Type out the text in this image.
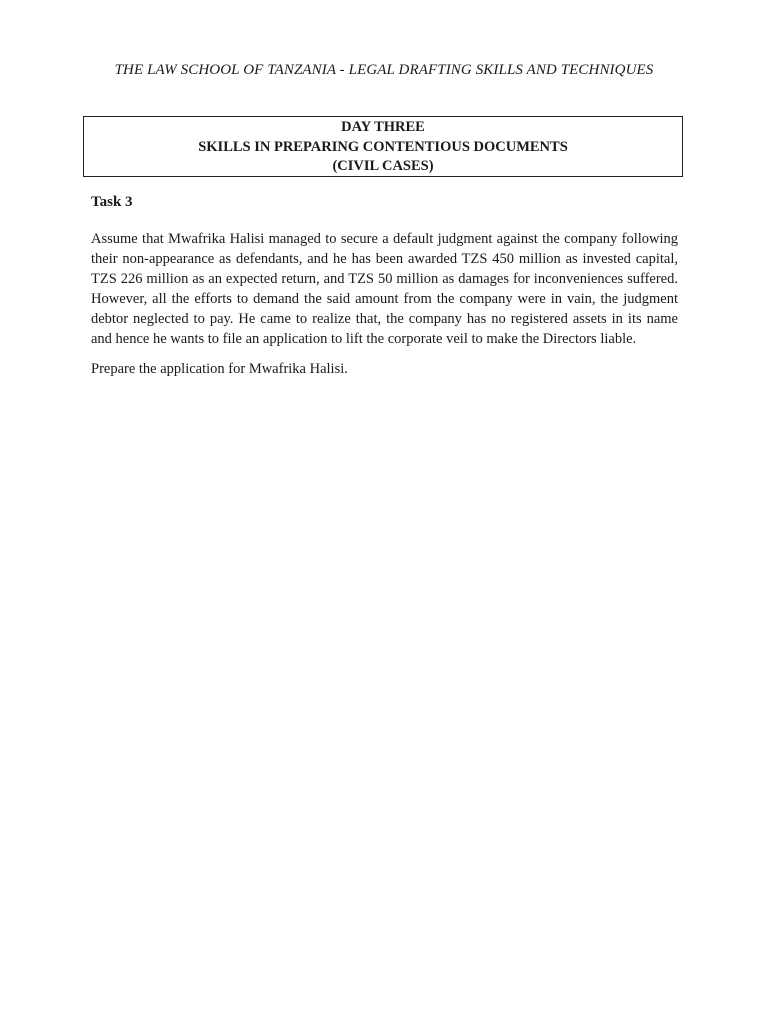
THE LAW SCHOOL OF TANZANIA - LEGAL DRAFTING SKILLS AND TECHNIQUES
DAY THREE
SKILLS IN PREPARING CONTENTIOUS DOCUMENTS
(CIVIL CASES)
Task 3

Assume that Mwafrika Halisi managed to secure a default judgment against the company following their non-appearance as defendants, and he has been awarded TZS 450 million as invested capital, TZS 226 million as an expected return, and TZS 50 million as damages for inconveniences suffered. However, all the efforts to demand the said amount from the company were in vain, the judgment debtor neglected to pay. He came to realize that, the company has no registered assets in its name and hence he wants to file an application to lift the corporate veil to make the Directors liable.

Prepare the application for Mwafrika Halisi.
